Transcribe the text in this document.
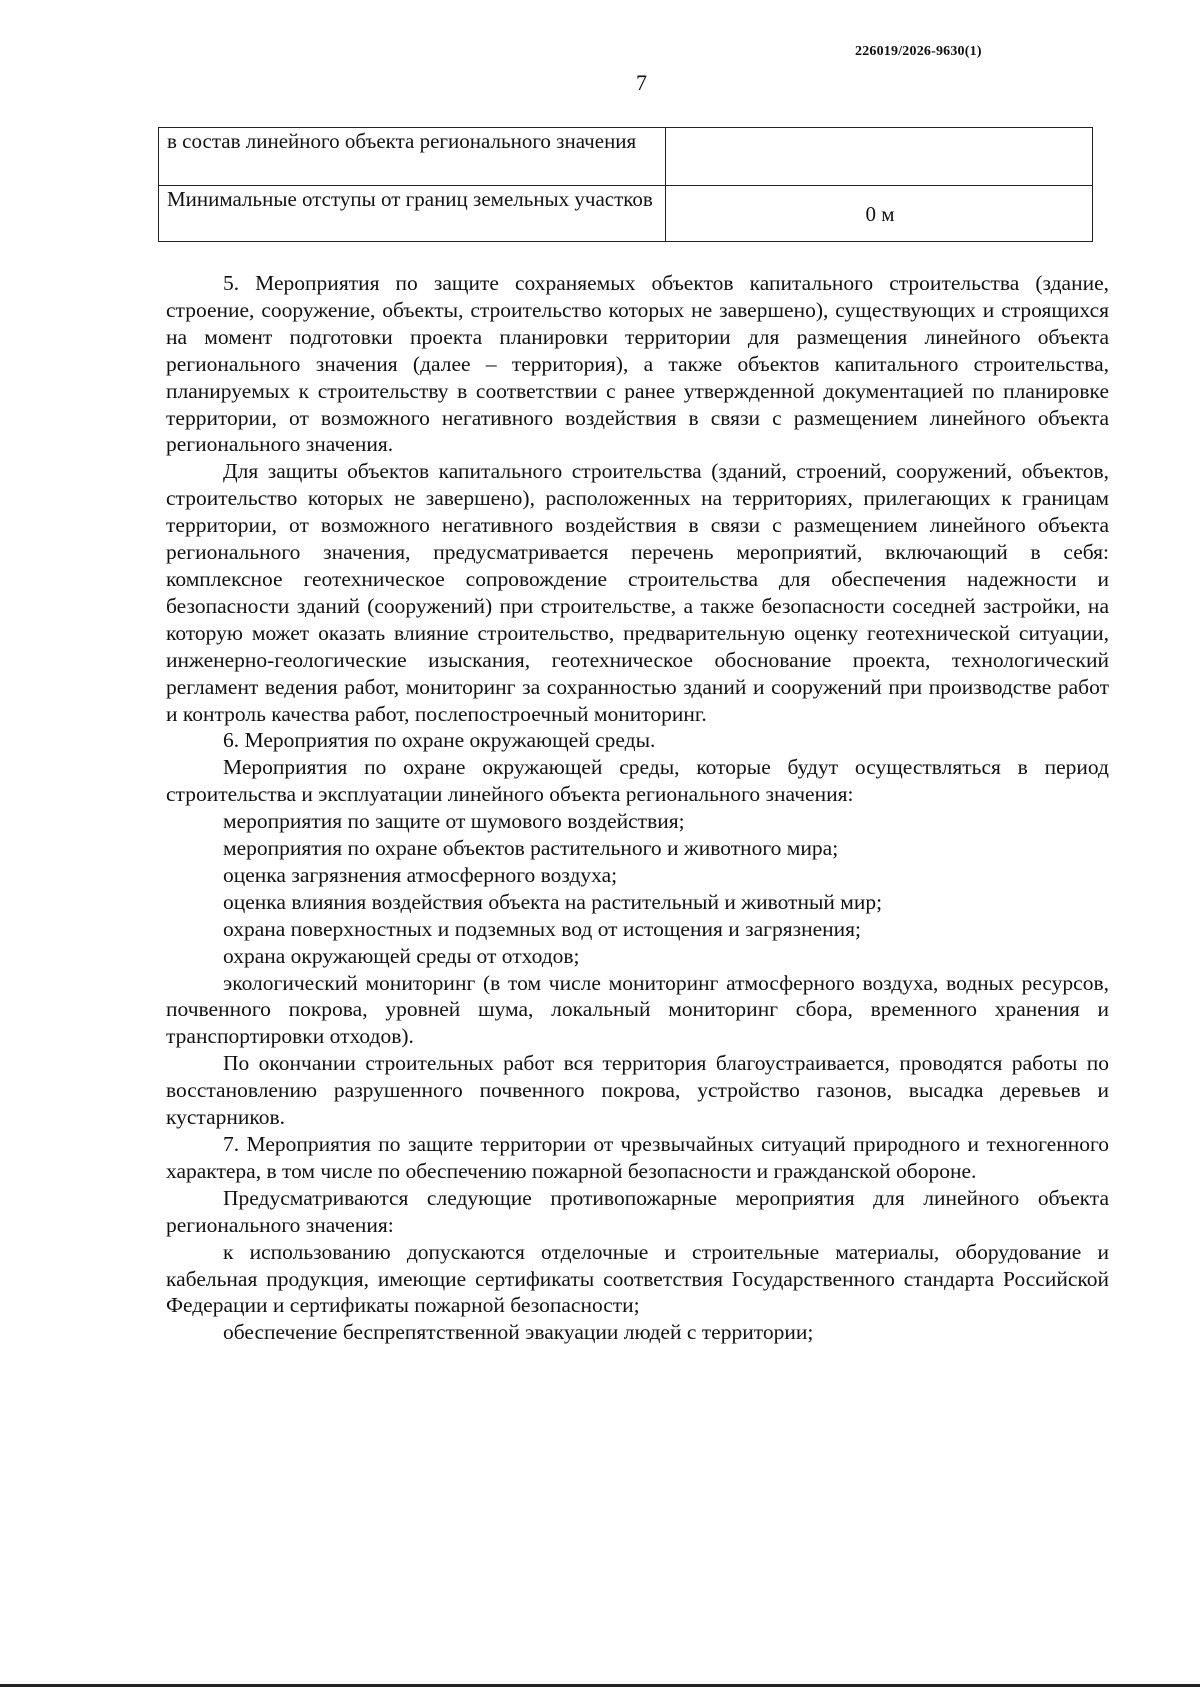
226019/2026-9630(1)
7
в состав линейного объекта регионального значения	
Минимальные отступы от границ земельных участков	0 м

5. Мероприятия по защите сохраняемых объектов капитального строительства (здание, строение, сооружение, объекты, строительство которых не завершено), существующих и строящихся на момент подготовки проекта планировки территории для размещения линейного объекта регионального значения (далее – территория), а также объектов капитального строительства, планируемых к строительству в соответствии с ранее утвержденной документацией по планировке территории, от возможного негативного воздействия в связи с размещением линейного объекта регионального значения.

Для защиты объектов капитального строительства (зданий, строений, сооружений, объектов, строительство которых не завершено), расположенных на территориях, прилегающих к границам территории, от возможного негативного воздействия в связи с размещением линейного объекта регионального значения, предусматривается перечень мероприятий, включающий в себя: комплексное геотехническое сопровождение строительства для обеспечения надежности и безопасности зданий (сооружений) при строительстве, а также безопасности соседней застройки, на которую может оказать влияние строительство, предварительную оценку геотехнической ситуации, инженерно-геологические изыскания, геотехническое обоснование проекта, технологический регламент ведения работ, мониторинг за сохранностью зданий и сооружений при производстве работ и контроль качества работ, послепостроечный мониторинг.

6. Мероприятия по охране окружающей среды.

Мероприятия по охране окружающей среды, которые будут осуществляться в период строительства и эксплуатации линейного объекта регионального значения:

мероприятия по защите от шумового воздействия;

мероприятия по охране объектов растительного и животного мира;

оценка загрязнения атмосферного воздуха;

оценка влияния воздействия объекта на растительный и животный мир;

охрана поверхностных и подземных вод от истощения и загрязнения;

охрана окружающей среды от отходов;

экологический мониторинг (в том числе мониторинг атмосферного воздуха, водных ресурсов, почвенного покрова, уровней шума, локальный мониторинг сбора, временного хранения и транспортировки отходов).

По окончании строительных работ вся территория благоустраивается, проводятся работы по восстановлению разрушенного почвенного покрова, устройство газонов, высадка деревьев и кустарников.

7. Мероприятия по защите территории от чрезвычайных ситуаций природного и техногенного характера, в том числе по обеспечению пожарной безопасности и гражданской обороне.

Предусматриваются следующие противопожарные мероприятия для линейного объекта регионального значения:

к использованию допускаются отделочные и строительные материалы, оборудование и кабельная продукция, имеющие сертификаты соответствия Государственного стандарта Российской Федерации и сертификаты пожарной безопасности;

обеспечение беспрепятственной эвакуации людей с территории;
